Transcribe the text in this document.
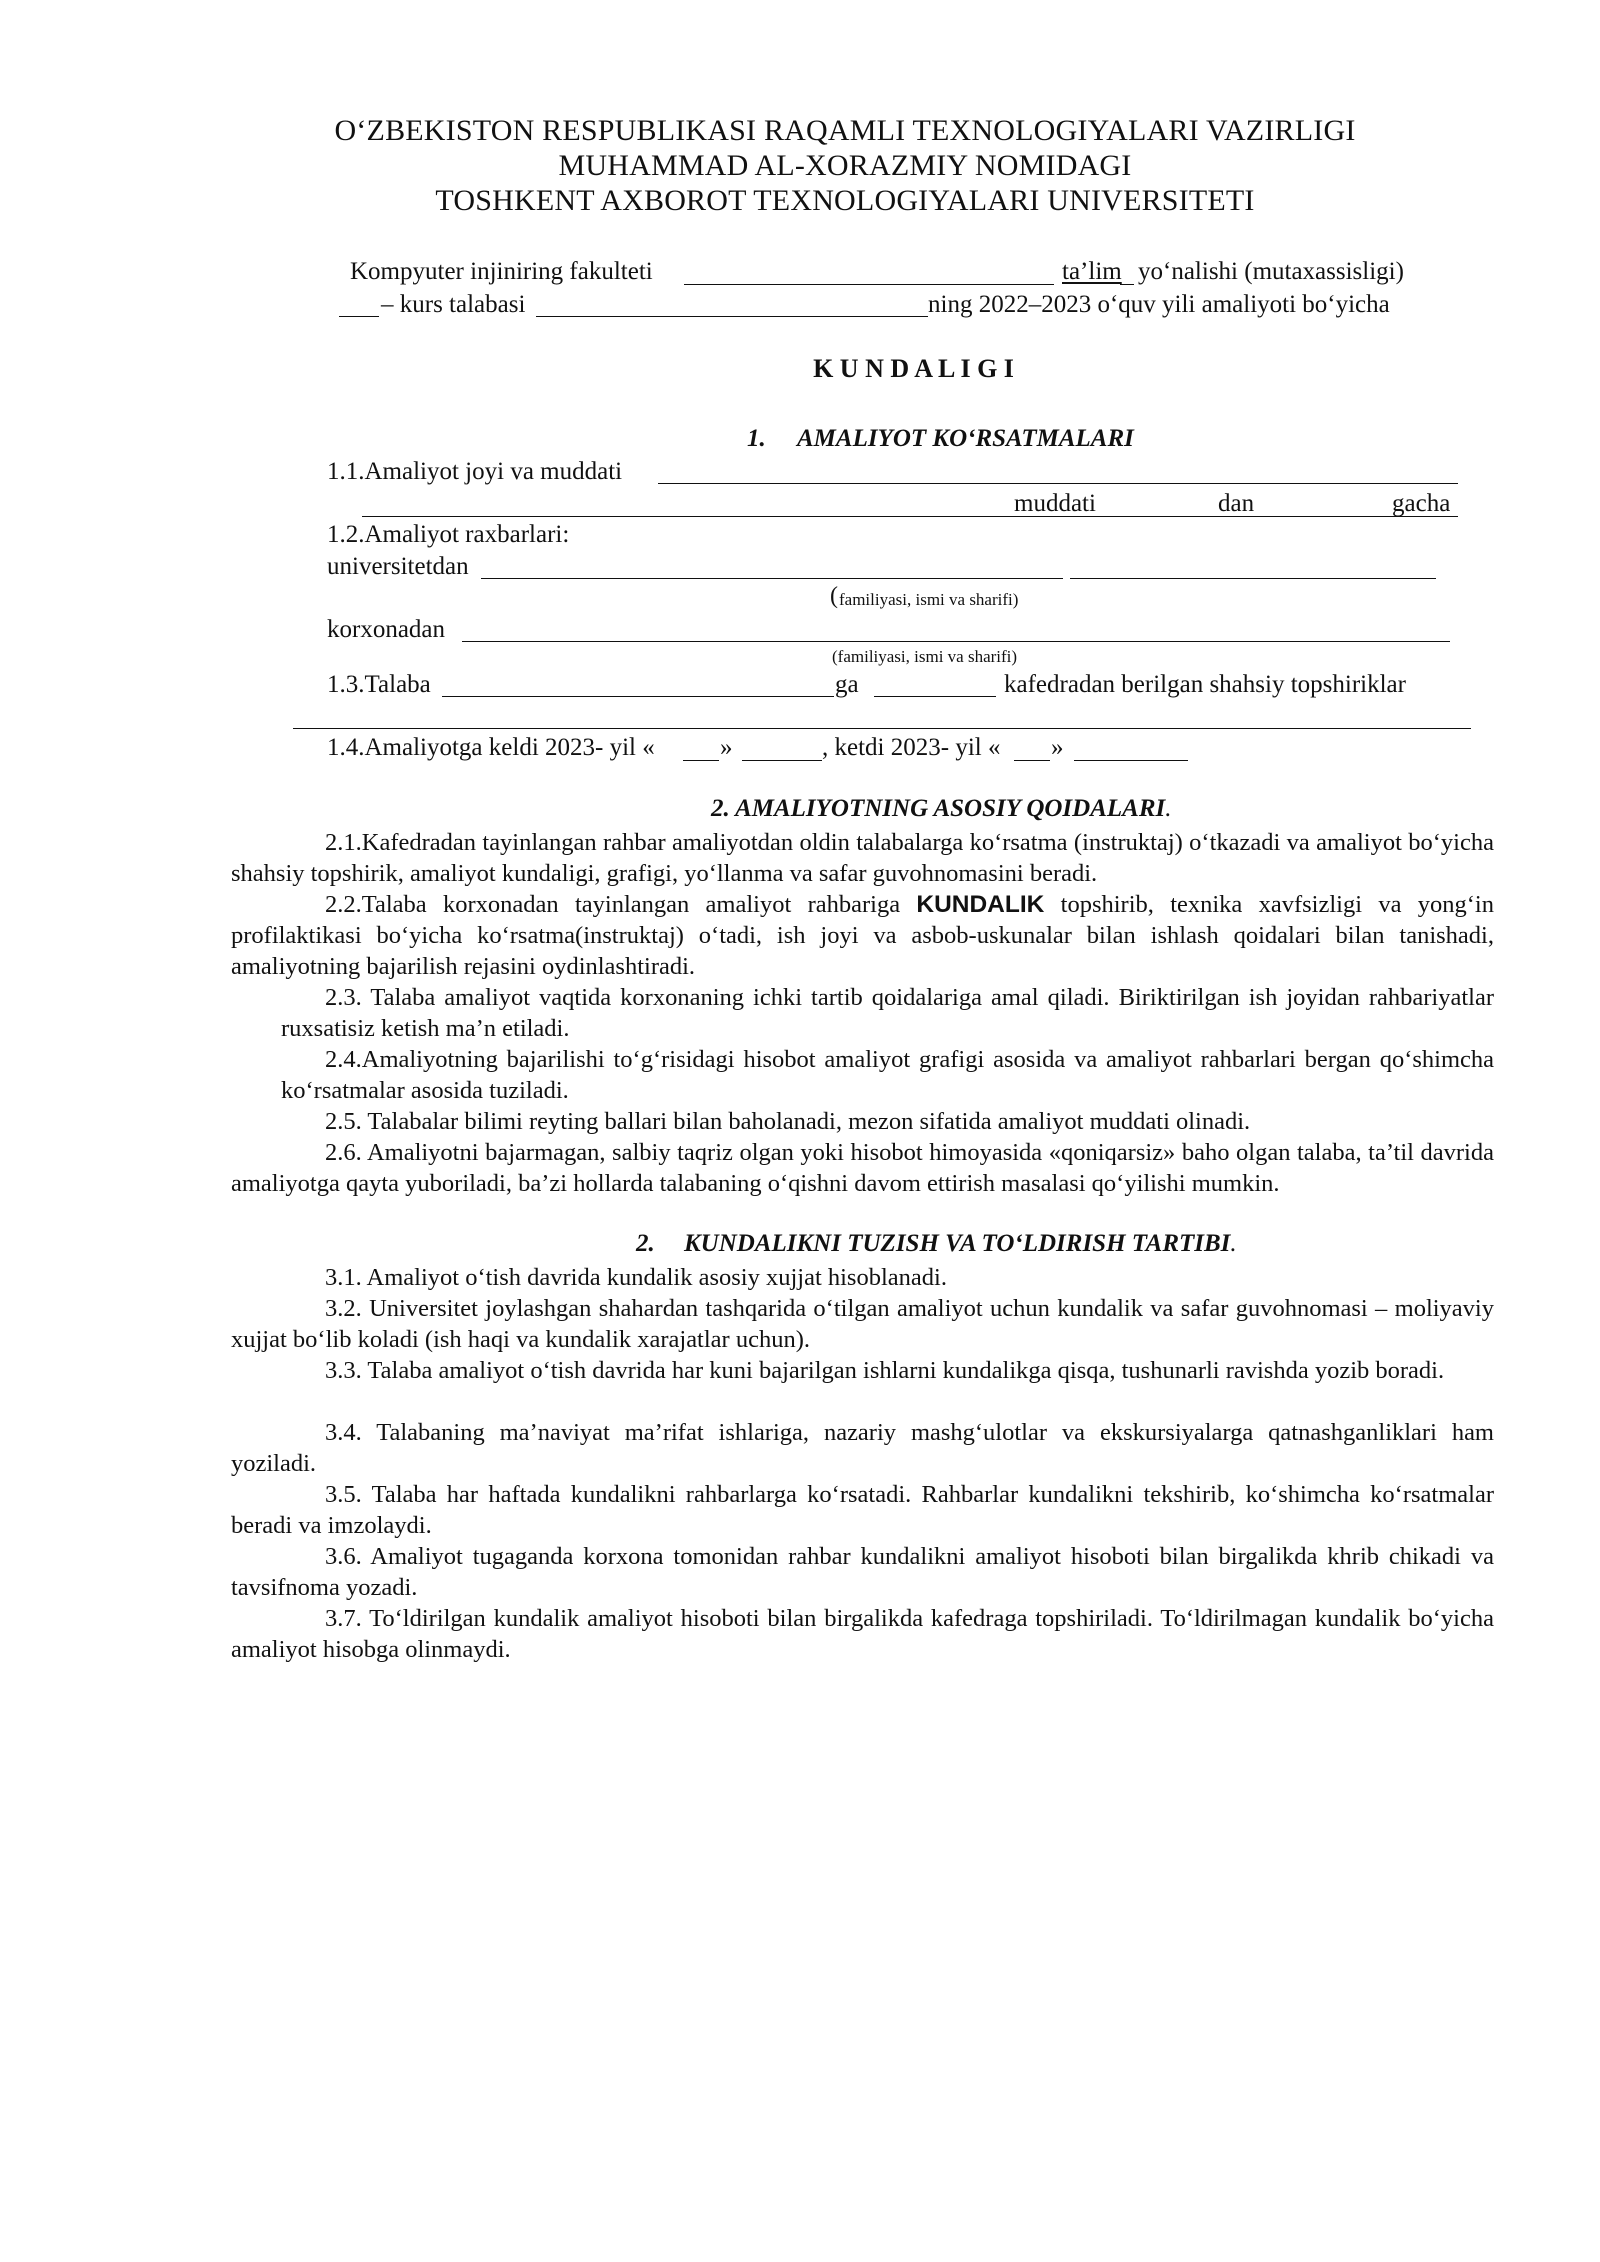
O‘ZBEKISTON RESPUBLIKASI RAQAMLI TEXNOLOGIYALARI VAZIRLIGI
MUHAMMAD AL-XORAZMIY NOMIDAGI
TOSHKENT AXBOROT TEXNOLOGIYALARI UNIVERSITETI
Kompyuter injiniring fakulteti	ta’lim yo‘nalishi (mutaxassisligi)
– kurs talabasi	ning 2022–2023 o‘quv yili amaliyoti bo‘yicha
K U N D A L I G I
1. AMALIYOT KO‘RSATMALARI
1.1.Amaliyot joyi va muddati
muddati	dan	gacha
1.2.Amaliyot raxbarlari:
universitetdan
( familiyasi, ismi va sharifi)
korxonadan
(familiyasi, ismi va sharifi)
1.3.Talaba	ga	kafedradan berilgan shahsiy topshiriklar
1.4.Amaliyotga keldi 2023- yil «	»	, ketdi 2023- yil « »
2. AMALIYOTNING ASOSIY QOIDALARI.
2.1.Kafedradan tayinlangan rahbar amaliyotdan oldin talabalarga ko‘rsatma (instruktaj) o‘tkazadi va amaliyot bo‘yicha shahsiy topshirik, amaliyot kundaligi, grafigi, yo‘llanma va safar guvohnomasini beradi.
2.2.Talaba korxonadan tayinlangan amaliyot rahbariga KUNDALIK topshirib, texnika xavfsizligi va yong‘in profilaktikasi bo‘yicha ko‘rsatma(instruktaj) o‘tadi, ish joyi va asbob-uskunalar bilan ishlash qoidalari bilan tanishadi, amaliyotning bajarilish rejasini oydinlashtiradi.
2.3. Talaba amaliyot vaqtida korxonaning ichki tartib qoidalariga amal qiladi. Biriktirilgan ish joyidan rahbariyatlar ruxsatisiz ketish ma’n etiladi.
2.4.Amaliyotning bajarilishi to‘g‘risidagi hisobot amaliyot grafigi asosida va amaliyot rahbarlari bergan qo‘shimcha ko‘rsatmalar asosida tuziladi.
2.5. Talabalar bilimi reyting ballari bilan baholanadi, mezon sifatida amaliyot muddati olinadi.
2.6. Amaliyotni bajarmagan, salbiy taqriz olgan yoki hisobot himoyasida «qoniqarsiz» baho olgan talaba, ta’til davrida amaliyotga qayta yuboriladi, ba’zi hollarda talabaning o‘qishni davom ettirish masalasi qo‘yilishi mumkin.
2. KUNDALIKNI TUZISH VA TO‘LDIRISH TARTIBI.
3.1. Amaliyot o‘tish davrida kundalik asosiy xujjat hisoblanadi.
3.2. Universitet joylashgan shahardan tashqarida o‘tilgan amaliyot uchun kundalik va safar guvohnomasi – moliyaviy xujjat bo‘lib koladi (ish haqi va kundalik xarajatlar uchun).
3.3. Talaba amaliyot o‘tish davrida har kuni bajarilgan ishlarni kundalikga qisqa, tushunarli ravishda yozib boradi.
3.4. Talabaning ma’naviyat ma’rifat ishlariga, nazariy mashg‘ulotlar va ekskursiyalarga qatnashganliklari ham yoziladi.
3.5. Talaba har haftada kundalikni rahbarlarga ko‘rsatadi. Rahbarlar kundalikni tekshirib, ko‘shimcha ko‘rsatmalar beradi va imzolaydi.
3.6. Amaliyot tugaganda korxona tomonidan rahbar kundalikni amaliyot hisoboti bilan birgalikda khrib chikadi va tavsifnoma yozadi.
3.7. To‘ldirilgan kundalik amaliyot hisoboti bilan birgalikda kafedraga topshiriladi. To‘ldirilmagan kundalik bo‘yicha amaliyot hisobga olinmaydi.
